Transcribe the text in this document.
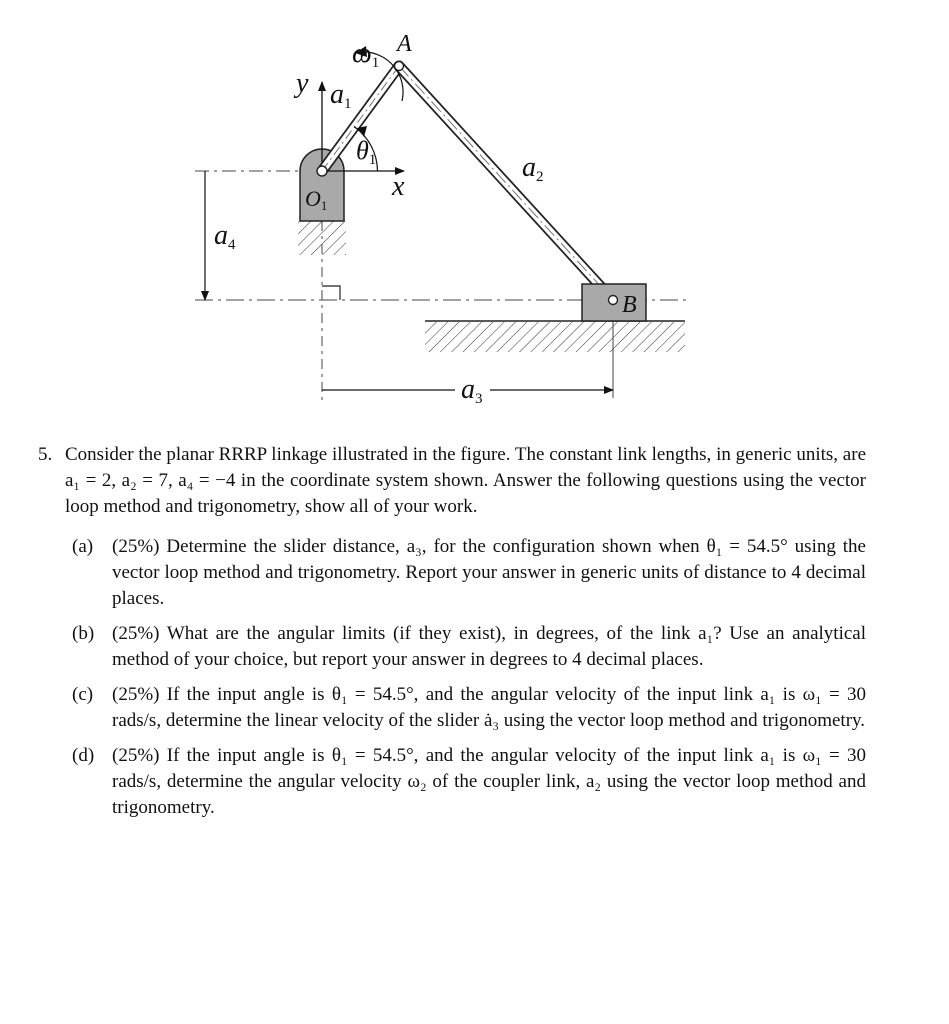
ω1
A
y a1
θ1
x
O1
a2
a4
B
a3
5. Consider the planar RRRP linkage illustrated in the figure. The constant link lengths, in generic units, are a₁ = 2, a₂ = 7, a₄ = −4 in the coordinate system shown. Answer the following questions using the vector loop method and trigonometry, show all of your work.
(a) (25%) Determine the slider distance, a₃, for the configuration shown when θ₁ = 54.5° using the vector loop method and trigonometry. Report your answer in generic units of distance to 4 decimal places.
(b) (25%) What are the angular limits (if they exist), in degrees, of the link a₁? Use an analytical method of your choice, but report your answer in degrees to 4 decimal places.
(c) (25%) If the input angle is θ₁ = 54.5°, and the angular velocity of the input link a₁ is ω₁ = 30 rads/s, determine the linear velocity of the slider ȧ₃ using the vector loop method and trigonometry.
(d) (25%) If the input angle is θ₁ = 54.5°, and the angular velocity of the input link a₁ is ω₁ = 30 rads/s, determine the angular velocity ω₂ of the coupler link, a₂ using the vector loop method and trigonometry.
